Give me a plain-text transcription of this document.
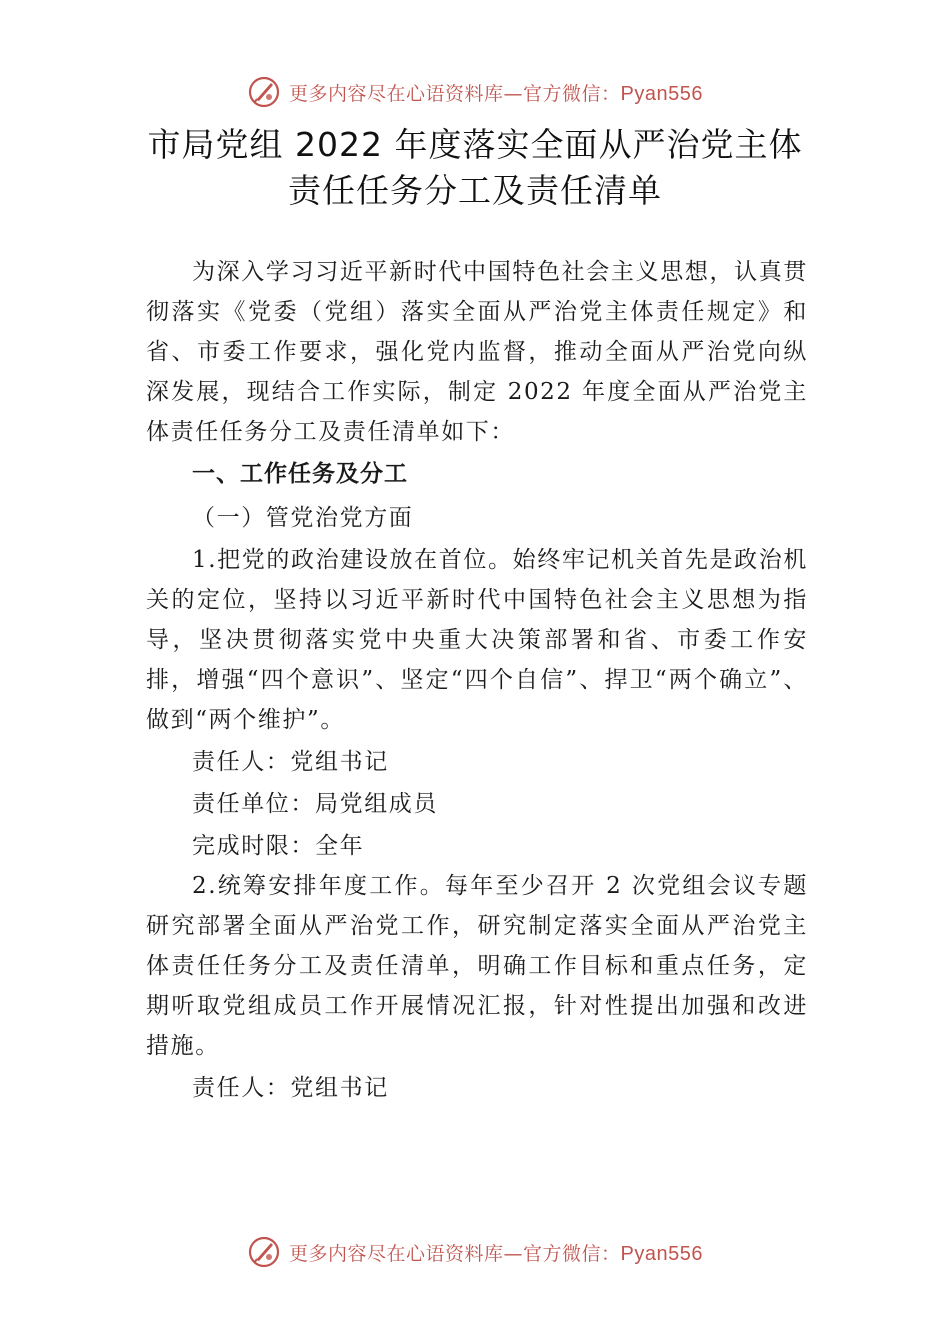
更多内容尽在心语资料库—官方微信：Pyan556
市局党组 2022 年度落实全面从严治党主体
责任任务分工及责任清单

为深入学习习近平新时代中国特色社会主义思想，认真贯彻落实《党委（党组）落实全面从严治党主体责任规定》和省、市委工作要求，强化党内监督，推动全面从严治党向纵深发展，现结合工作实际，制定 2022 年度全面从严治党主体责任任务分工及责任清单如下：

一、工作任务及分工
（一）管党治党方面

1.把党的政治建设放在首位。始终牢记机关首先是政治机关的定位，坚持以习近平新时代中国特色社会主义思想为指导，坚决贯彻落实党中央重大决策部署和省、市委工作安排，增强“四个意识”、坚定“四个自信”、捍卫“两个确立”、做到“两个维护”。

责任人：党组书记

责任单位：局党组成员

完成时限：全年

2.统筹安排年度工作。每年至少召开 2 次党组会议专题研究部署全面从严治党工作，研究制定落实全面从严治党主体责任任务分工及责任清单，明确工作目标和重点任务，定期听取党组成员工作开展情况汇报，针对性提出加强和改进措施。

责任人：党组书记

更多内容尽在心语资料库—官方微信：Pyan556
